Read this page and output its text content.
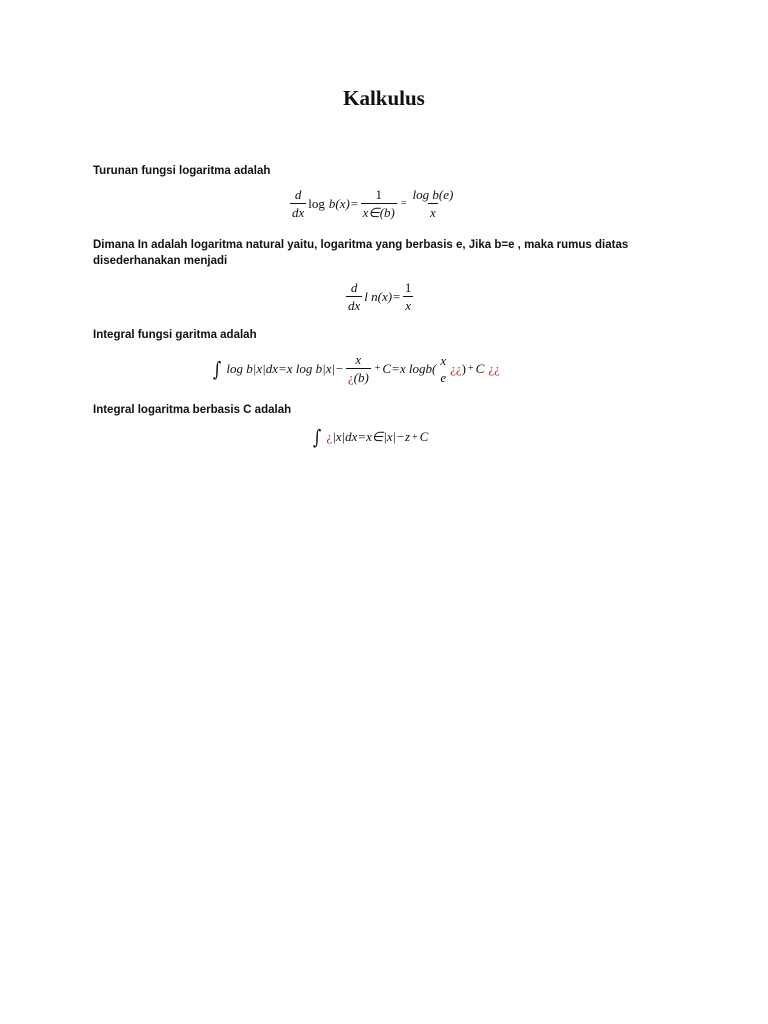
Kalkulus
Turunan fungsi logaritma adalah
$\frac{d}{dx}$ $\log b(x)= \frac{1}{x\in(b)} = \frac{\text{log b(e)}}{x}$
Dimana In adalah logaritma natural yaitu, logaritma yang berbasis e, Jika b=e , maka rumus diatas disederhanakan menjadi
$\frac{d}{dx}$ l $n(x)= \frac{1}{x}$
Integral fungsi garitma adalah
∫ log b|x|dx=x $\log b|x|- \frac{x}{¿(b)} + C=x$ logb(
x
e
¿¿ ) + C ¿¿
Integral logaritma berbasis C adalah
∫ ¿ |x|dx=x∈|x|−z + C
